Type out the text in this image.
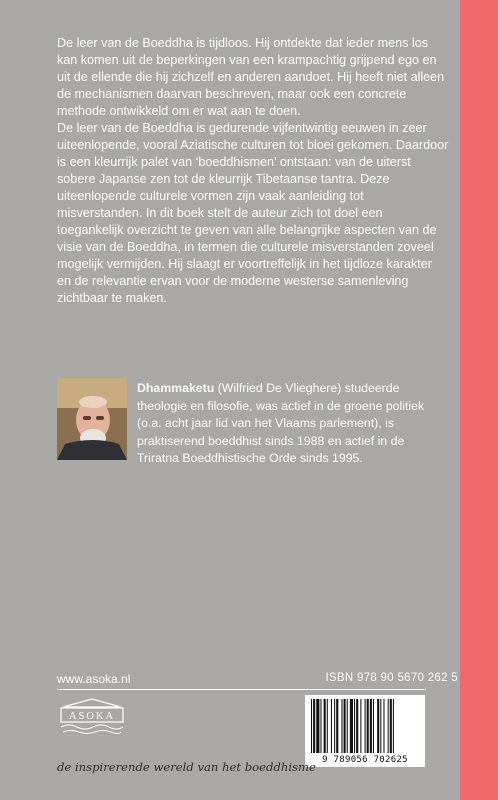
De leer van de Boeddha is tijdloos. Hij ontdekte dat ieder mens los kan komen uit de beperkingen van een krampachtig grijpend ego en uit de ellende die hij zichzelf en anderen aandoet. Hij heeft niet alleen de mechanismen daarvan beschreven, maar ook een concrete methode ontwikkeld om er wat aan te doen.

De leer van de Boeddha is gedurende vijfentwintig eeuwen in zeer uiteenlopende, vooral Aziatische culturen tot bloei gekomen. Daardoor is een kleurrijk palet van ‘boeddhismen’ ontstaan: van de uiterst sobere Japanse zen tot de kleurrijk Tibetaanse tantra. Deze uiteenlopende culturele vormen zijn vaak aanleiding tot misverstanden. In dit boek stelt de auteur zich tot doel een toegankelijk overzicht te geven van alle belangrijke aspecten van de visie van de Boeddha, in termen die culturele misverstanden zoveel mogelijk vermijden. Hij slaagt er voortreffelijk in het tijdloze karakter en de relevantie ervan voor de moderne westerse samenleving zichtbaar te maken.

Dhammaketu (Wilfried De Vlieghere) studeerde theologie en filosofie, was actief in de groene politiek (o.a. acht jaar lid van het Vlaams parlement), is praktiserend boeddhist sinds 1988 en actief in de Triratna Boeddhistische Orde sinds 1995.
www.asoka.nl	ISBN 978 90 5670 262 5
ASOKA
9 789056 702625
de inspirerende wereld van het boeddhisme
